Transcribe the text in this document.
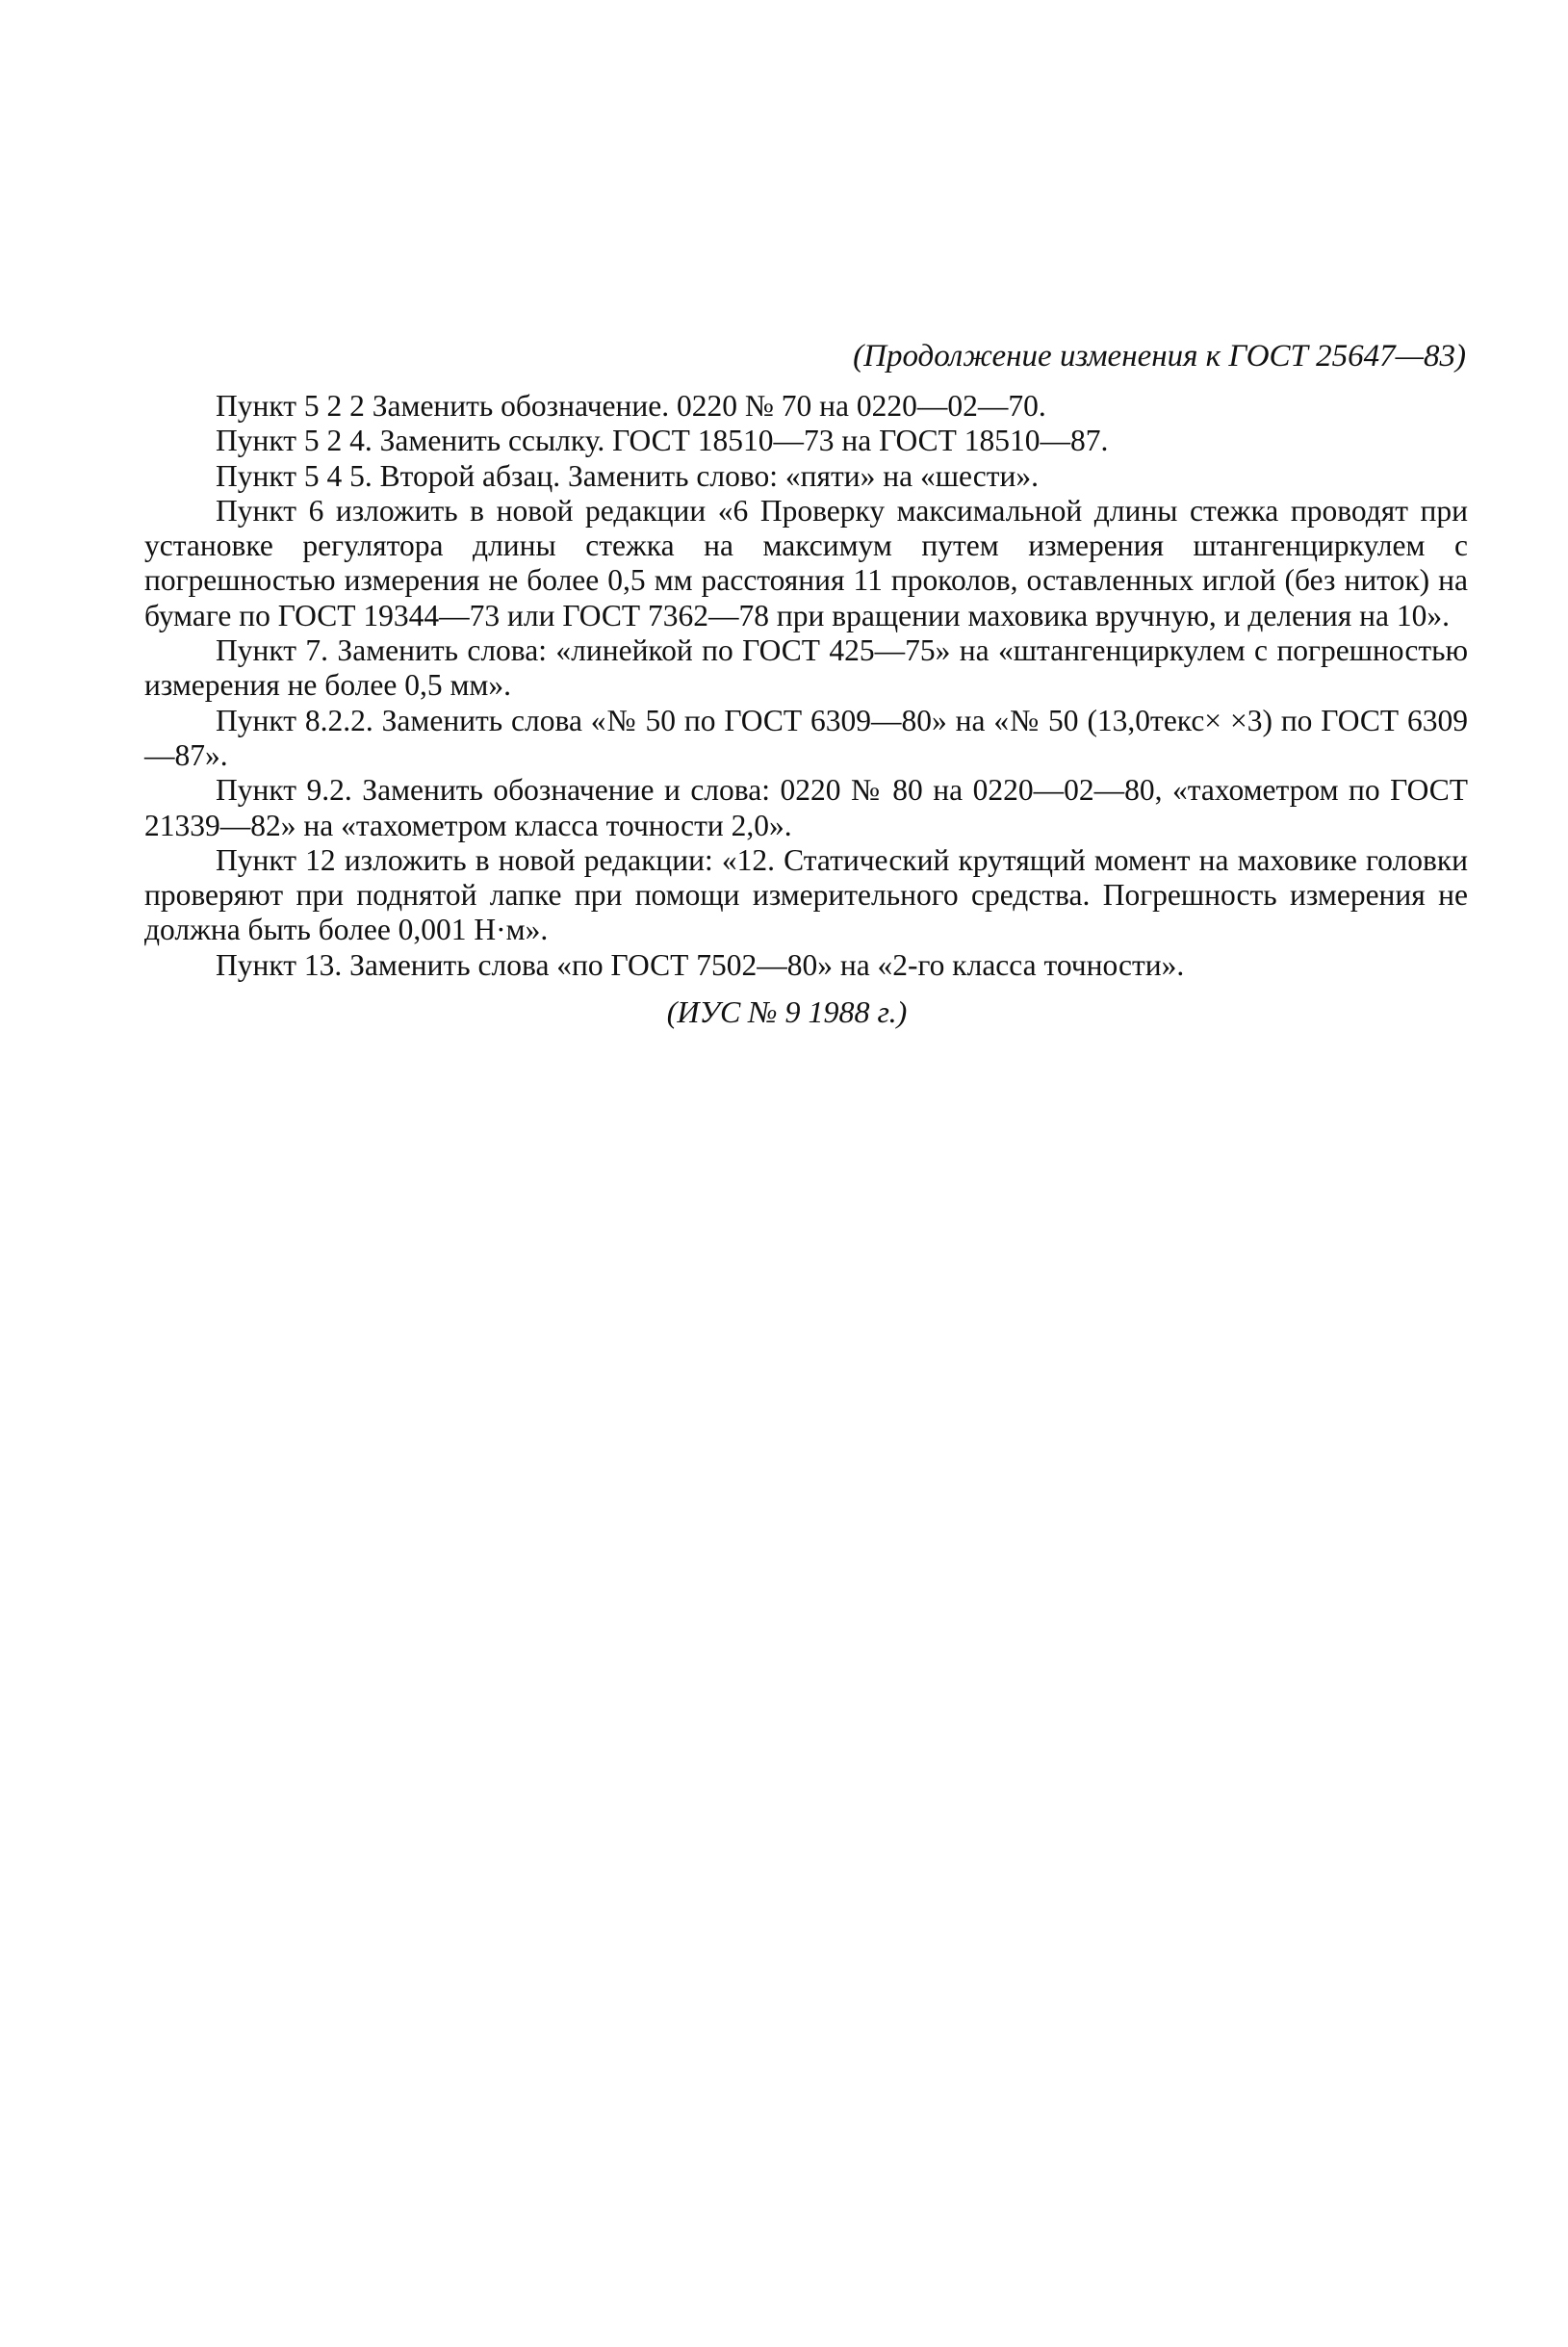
(Продолжение изменения к ГОСТ 25647—83)

Пункт 5 2 2 Заменить обозначение. 0220 № 70 на 0220—02—70.

Пункт 5 2 4. Заменить ссылку. ГОСТ 18510—73 на ГОСТ 18510—87.

Пункт 5 4 5. Второй абзац. Заменить слово: «пяти» на «шести».

Пункт 6 изложить в новой редакции «6 Проверку максимальной длины стежка проводят при установке регулятора длины стежка на максимум путем измерения штангенциркулем с погрешностью измерения не более 0,5 мм расстояния 11 проколов, оставленных иглой (без ниток) на бумаге по ГОСТ 19344—73 или ГОСТ 7362—78 при вращении маховика вручную, и деления на 10».

Пункт 7. Заменить слова: «линейкой по ГОСТ 425—75» на «штангенциркулем с погрешностью измерения не более 0,5 мм».

Пункт 8.2.2. Заменить слова «№ 50 по ГОСТ 6309—80» на «№ 50 (13,0текс× ×3) по ГОСТ 6309—87».

Пункт 9.2. Заменить обозначение и слова: 0220 № 80 на 0220—02—80, «тахометром по ГОСТ 21339—82» на «тахометром класса точности 2,0».

Пункт 12 изложить в новой редакции: «12. Статический крутящий момент на маховике головки проверяют при поднятой лапке при помощи измерительного средства. Погрешность измерения не должна быть более 0,001 Н·м».

Пункт 13. Заменить слова «по ГОСТ 7502—80» на «2-го класса точности».

(ИУС № 9 1988 г.)
